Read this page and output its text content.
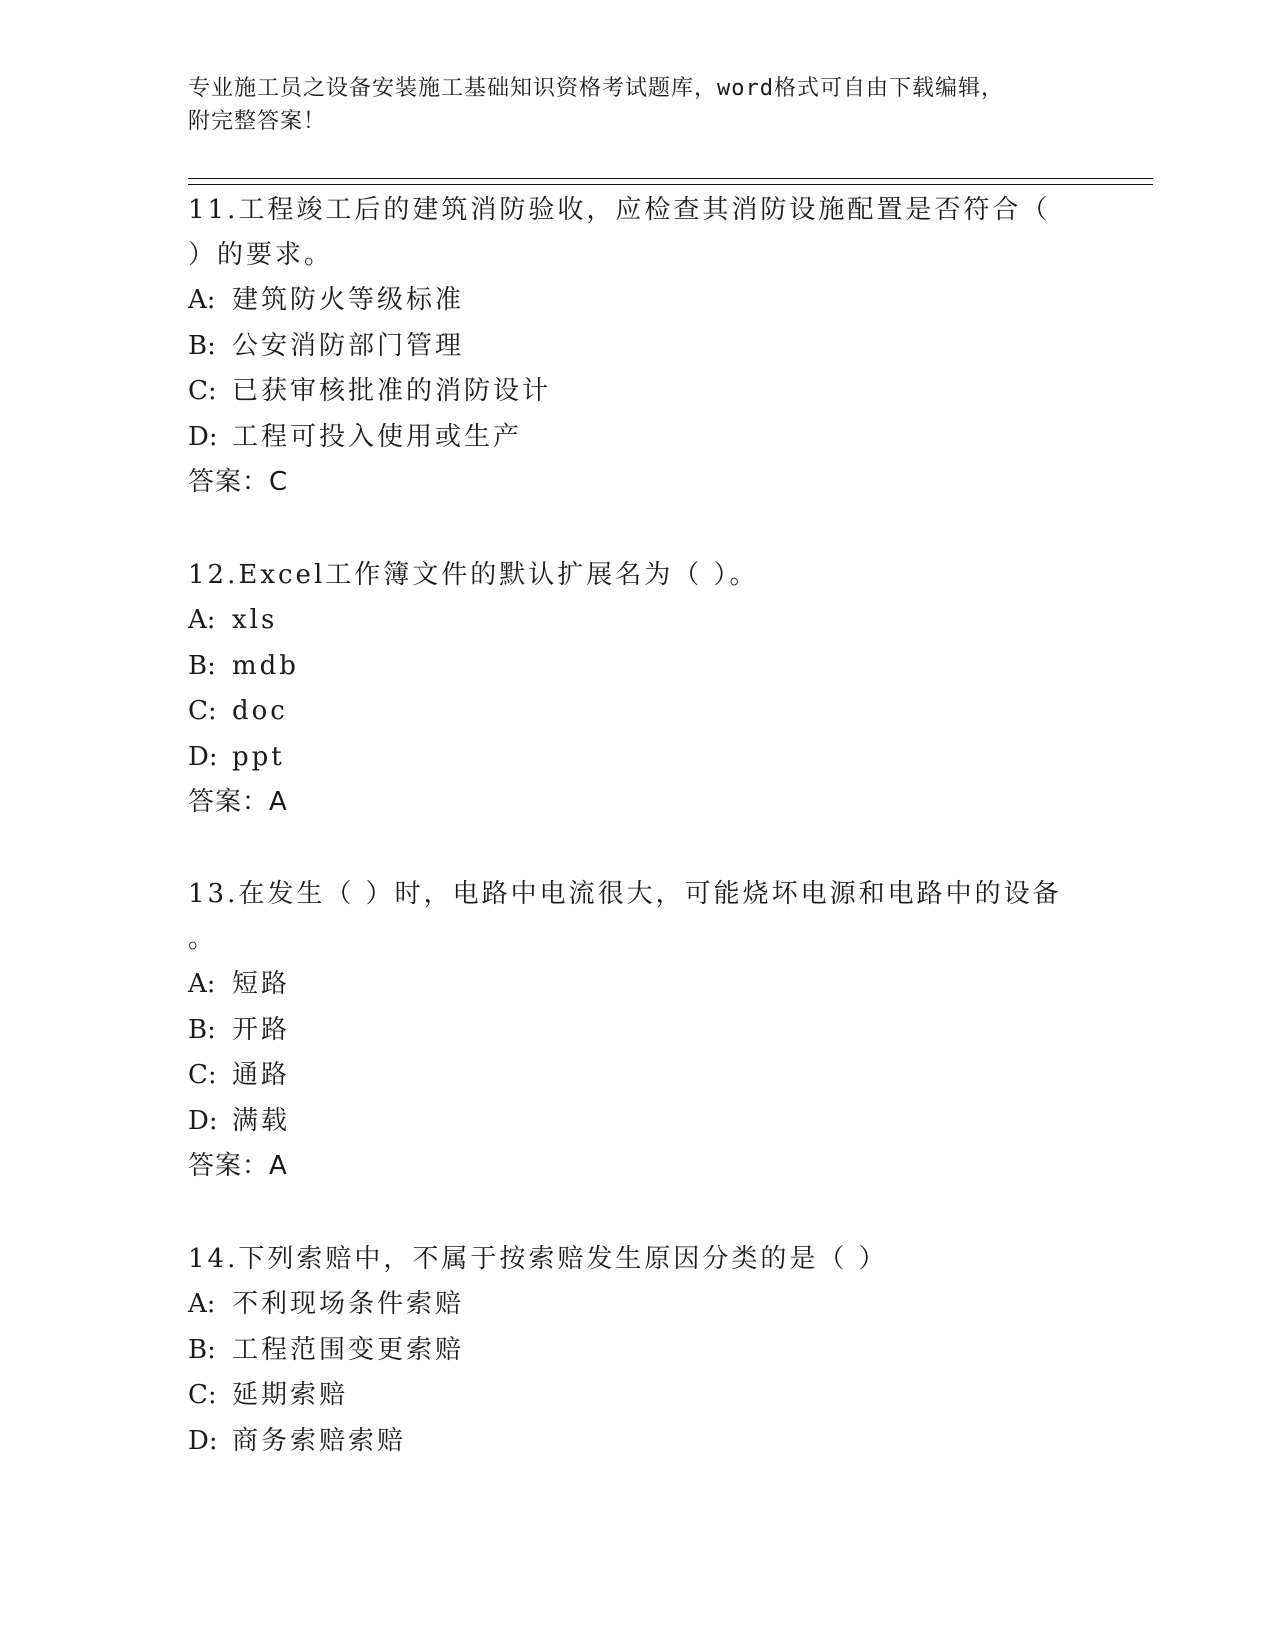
专业施工员之设备安装施工基础知识资格考试题库，word格式可自由下载编辑，
附完整答案！
11.工程竣工后的建筑消防验收，应检查其消防设施配置是否符合（
）的要求。
A: 建筑防火等级标准
B: 公安消防部门管理
C: 已获审核批准的消防设计
D: 工程可投入使用或生产
答案：C
12.Excel工作簿文件的默认扩展名为（ ）。
A: xls
B: mdb
C: doc
D: ppt
答案：A
13.在发生（ ）时，电路中电流很大，可能烧坏电源和电路中的设备
。
A: 短路
B: 开路
C: 通路
D: 满载
答案：A
14.下列索赔中，不属于按索赔发生原因分类的是（ ）
A: 不利现场条件索赔
B: 工程范围变更索赔
C: 延期索赔
D: 商务索赔索赔
